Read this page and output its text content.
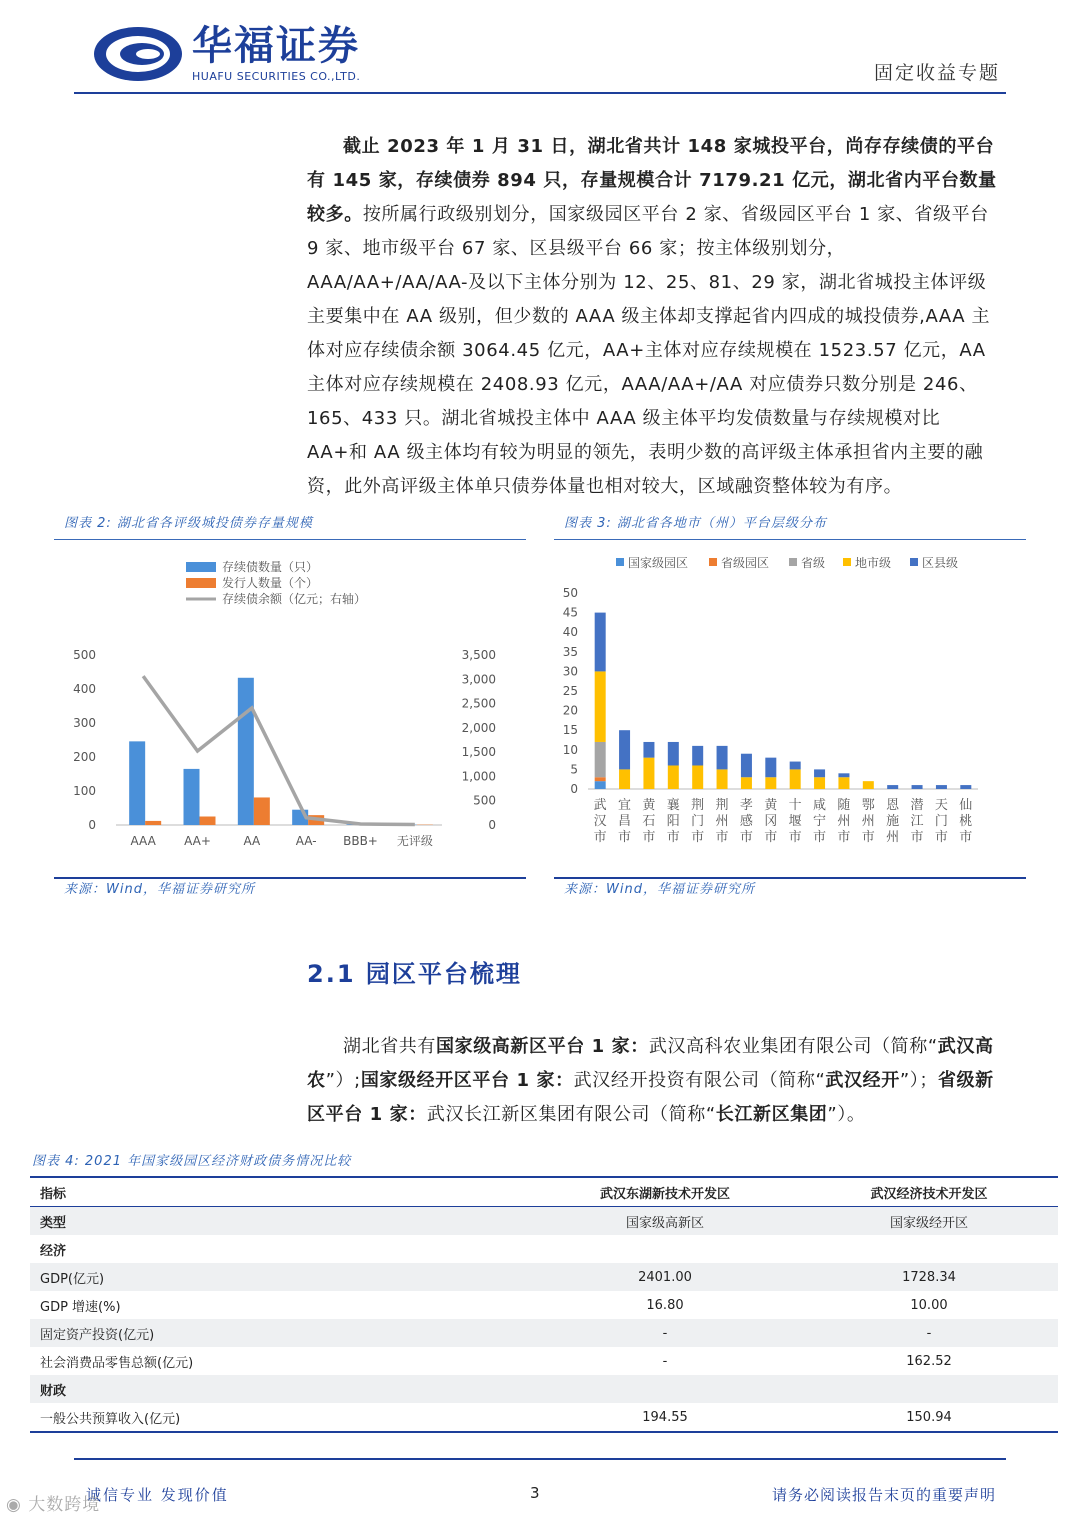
华福证券
HUAFU SECURITIES CO.,LTD.	固定收益专题
截止 2023 年 1 月 31 日，湖北省共计 148 家城投平台，尚存存续债的平台有 145 家，存续债券 894 只，存量规模合计 7179.21 亿元，湖北省内平台数量较多。按所属行政级别划分，国家级园区平台 2 家、省级园区平台 1 家、省级平台 9 家、地市级平台 67 家、区县级平台 66 家；按主体级别划分，AAA/AA+/AA/AA-及以下主体分别为 12、25、81、29 家，湖北省城投主体评级主要集中在 AA 级别，但少数的 AAA 级主体却支撑起省内四成的城投债券,AAA 主体对应存续债余额 3064.45 亿元，AA+主体对应存续规模在 1523.57 亿元，AA 主体对应存续规模在 2408.93 亿元，AAA/AA+/AA 对应债券只数分别是 246、165、433 只。湖北省城投主体中 AAA 级主体平均发债数量与存续规模对比 AA+和 AA 级主体均有较为明显的领先，表明少数的高评级主体承担省内主要的融资，此外高评级主体单只债券体量也相对较大，区域融资整体较为有序。
图表 2: 湖北省各评级城投债券存量规模
存续债数量（只）
发行人数量（个）
存续债余额（亿元；右轴）
0
100
200
300
400
500
0
500
1,000
1,500
2,000
2,500
3,000
3,500
AAA AA+	AA	AA- BBB+ 无评级
来源：Wind，华福证券研究所
图表 3: 湖北省各地市（州）平台层级分布
国家级园区	省级园区	省级 地市级	区县级
0
5
10
15
20
25
30
35
40
45
50
武
汉
市
宜
昌
市
黄
石
市
襄
阳
市
荆
门
市
荆
州
市
孝
感
市
黄
冈
市
十
堰
市
咸
宁
市
随
州
市
鄂
州
市
恩
施
州
潜
江
市
天
门
市
仙
桃
市
来源：Wind，华福证券研究所
2.1 园区平台梳理
湖北省共有国家级高新区平台 1 家：武汉高科农业集团有限公司（简称“武汉高农”）;国家级经开区平台 1 家：武汉经开投资有限公司（简称“武汉经开”）；省级新区平台 1 家：武汉长江新区集团有限公司（简称“长江新区集团”）。
图表 4: 2021 年国家级园区经济财政债务情况比较
指标	武汉东湖新技术开发区	武汉经济技术开发区
类型	国家级高新区	国家级经开区
经济		
GDP(亿元)	2401.00	1728.34
GDP 增速(%)	16.80	10.00
固定资产投资(亿元)	-	-
社会消费品零售总额(亿元)	-	162.52
财政		
一般公共预算收入(亿元)	194.55	150.94
诚信专业 发现价值	3	请务必阅读报告末页的重要声明
◉ 大数跨境
